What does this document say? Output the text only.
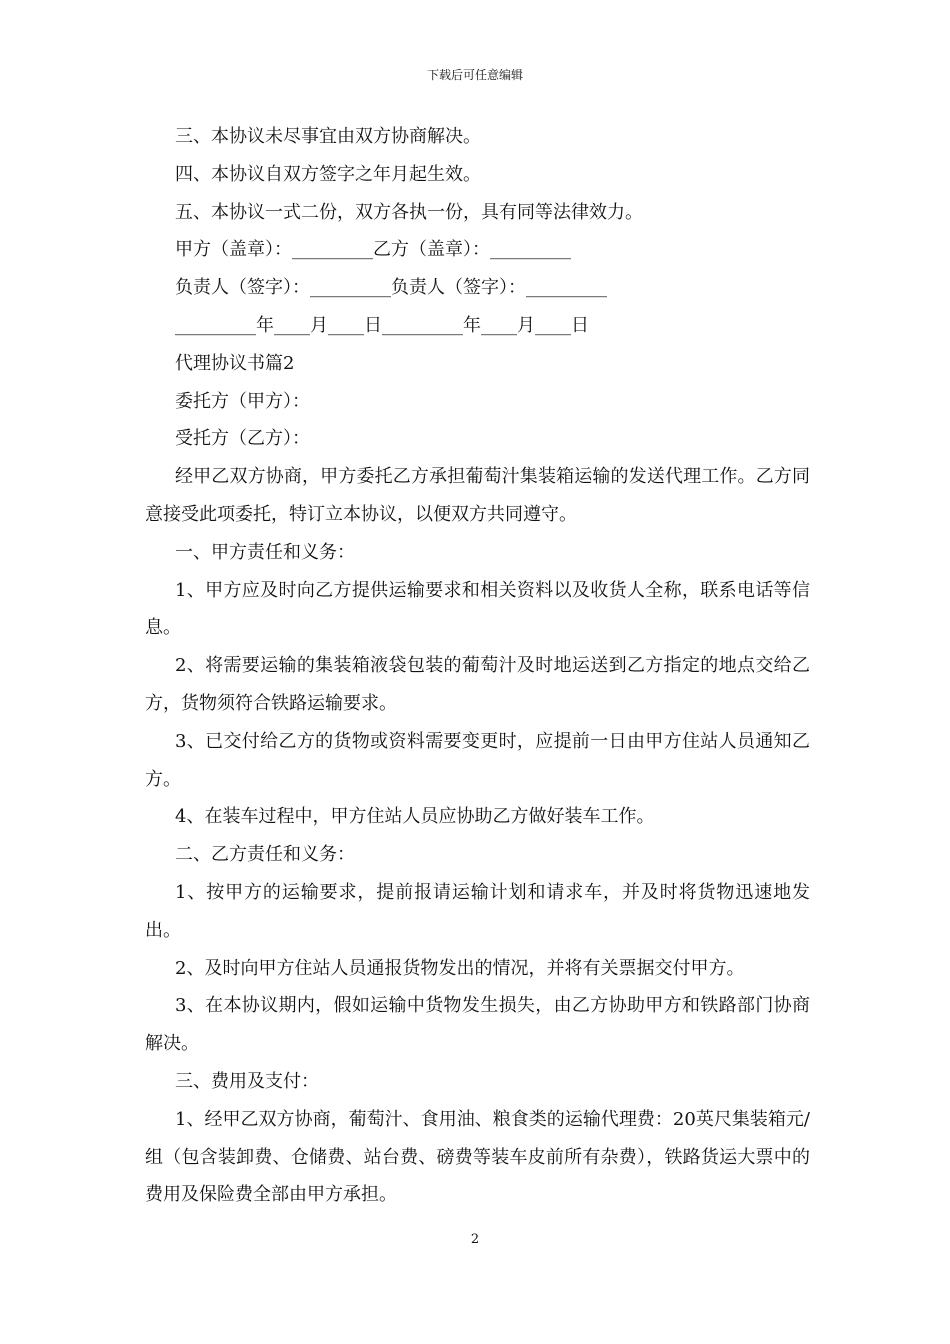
下载后可任意编辑

三、本协议未尽事宜由双方协商解决。

四、本协议自双方签字之年月起生效。

五、本协议一式二份，双方各执一份，具有同等法律效力。

甲方（盖章）：_________乙方（盖章）：_________

负责人（签字）：_________负责人（签字）：_________

_________年____月____日_________年____月____日

代理协议书篇2

委托方（甲方）：

受托方（乙方）：

经甲乙双方协商，甲方委托乙方承担葡萄汁集装箱运输的发送代理工作。乙方同意接受此项委托，特订立本协议，以便双方共同遵守。

一、甲方责任和义务：

1、甲方应及时向乙方提供运输要求和相关资料以及收货人全称，联系电话等信息。

2、将需要运输的集装箱液袋包装的葡萄汁及时地运送到乙方指定的地点交给乙方，货物须符合铁路运输要求。

3、已交付给乙方的货物或资料需要变更时，应提前一日由甲方住站人员通知乙方。

4、在装车过程中，甲方住站人员应协助乙方做好装车工作。

二、乙方责任和义务：

1、按甲方的运输要求，提前报请运输计划和请求车，并及时将货物迅速地发出。

2、及时向甲方住站人员通报货物发出的情况，并将有关票据交付甲方。

3、在本协议期内，假如运输中货物发生损失，由乙方协助甲方和铁路部门协商解决。

三、费用及支付：

1、经甲乙双方协商，葡萄汁、食用油、粮食类的运输代理费：20英尺集装箱元/组（包含装卸费、仓储费、站台费、磅费等装车皮前所有杂费），铁路货运大票中的费用及保险费全部由甲方承担。

2
